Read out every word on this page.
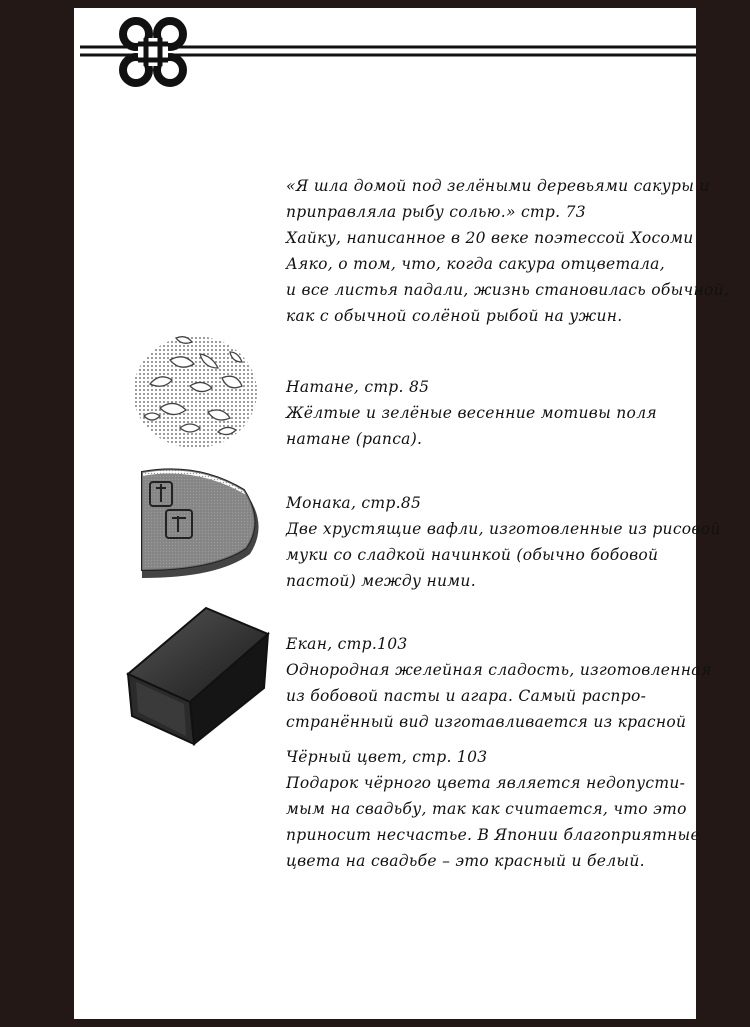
«Я шла домой под зелёными деревьями сакуры и
приправляла рыбу солью.» стр. 73
Хайку, написанное в 20 веке поэтессой Хосоми
Аяко, о том, что, когда сакура отцветала,
и все листья падали, жизнь становилась обычной,
как с обычной солёной рыбой на ужин.
Натане, стр. 85
Жёлтые и зелёные весенние мотивы поля
натане (рапса).
Монака, стр.85
Две хрустящие вафли, изготовленные из рисовой
муки со сладкой начинкой (обычно бобовой
пастой) между ними.
Екан, стр.103
Однородная желейная сладость, изготовленная
из бобовой пасты и агара. Самый распро-
странённый вид изготавливается из красной
Чёрный цвет, стр. 103
Подарок чёрного цвета является недопусти-
мым на свадьбу, так как считается, что это
приносит несчастье. В Японии благоприятные
цвета на свадьбе – это красный и белый.
